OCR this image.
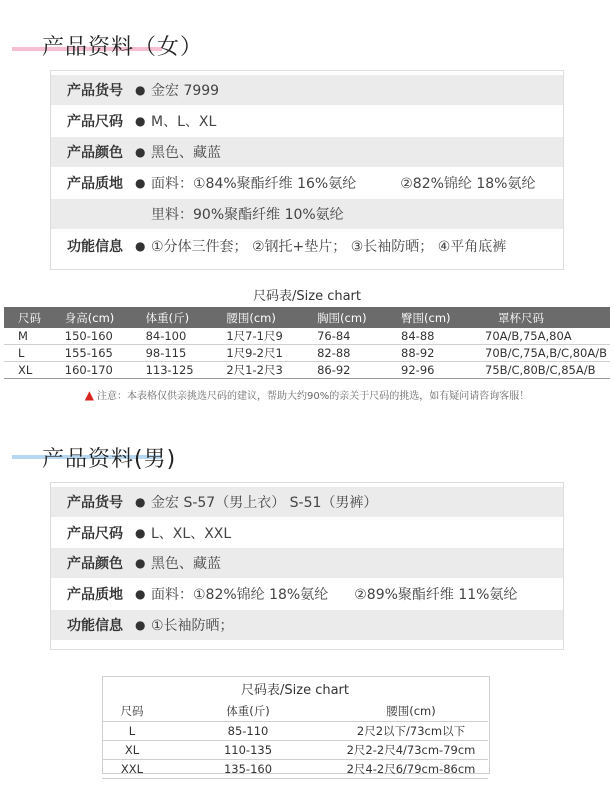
产品资料（女）
产品货号	● 金宏 7999
产品尺码	● M、L、XL
产品颜色	● 黑色、藏蓝
产品质地	● 面料：①84%聚酯纤维 16%氨纶	②82%锦纶 18%氨纶
里料：90%聚酯纤维 10%氨纶
功能信息	● ①分体三件套； ②钢托+垫片； ③长袖防晒； ④平角底裤
尺码表/Size chart
尺码	身高(cm)	体重(斤)	腰围(cm)	胸围(cm)	臀围(cm)	罩杯尺码
M	150-160	84-100	1尺7-1尺9	76-84	84-88	70A/B,75A,80A
L	155-165	98-115	1尺9-2尺1	82-88	88-92	70B/C,75A,B/C,80A/B
XL	160-170	113-125	2尺1-2尺3	86-92	92-96	75B/C,80B/C,85A/B
▲ 注意：本表格仅供亲挑选尺码的建议，帮助大约90%的亲关于尺码的挑选，如有疑问请咨询客服！
产品资料(男)
产品货号	● 金宏 S-57（男上衣） S-51（男裤）
产品尺码	● L、XL、XXL
产品颜色	● 黑色、藏蓝
产品质地	● 面料：①82%锦纶 18%氨纶 ②89%聚酯纤维 11%氨纶
功能信息	● ①长袖防晒；
尺码表/Size chart
尺码	体重(斤)	腰围(cm)
L	85-110	2尺2以下/73cm以下
XL	110-135	2尺2-2尺4/73cm-79cm
XXL	135-160	2尺4-2尺6/79cm-86cm
